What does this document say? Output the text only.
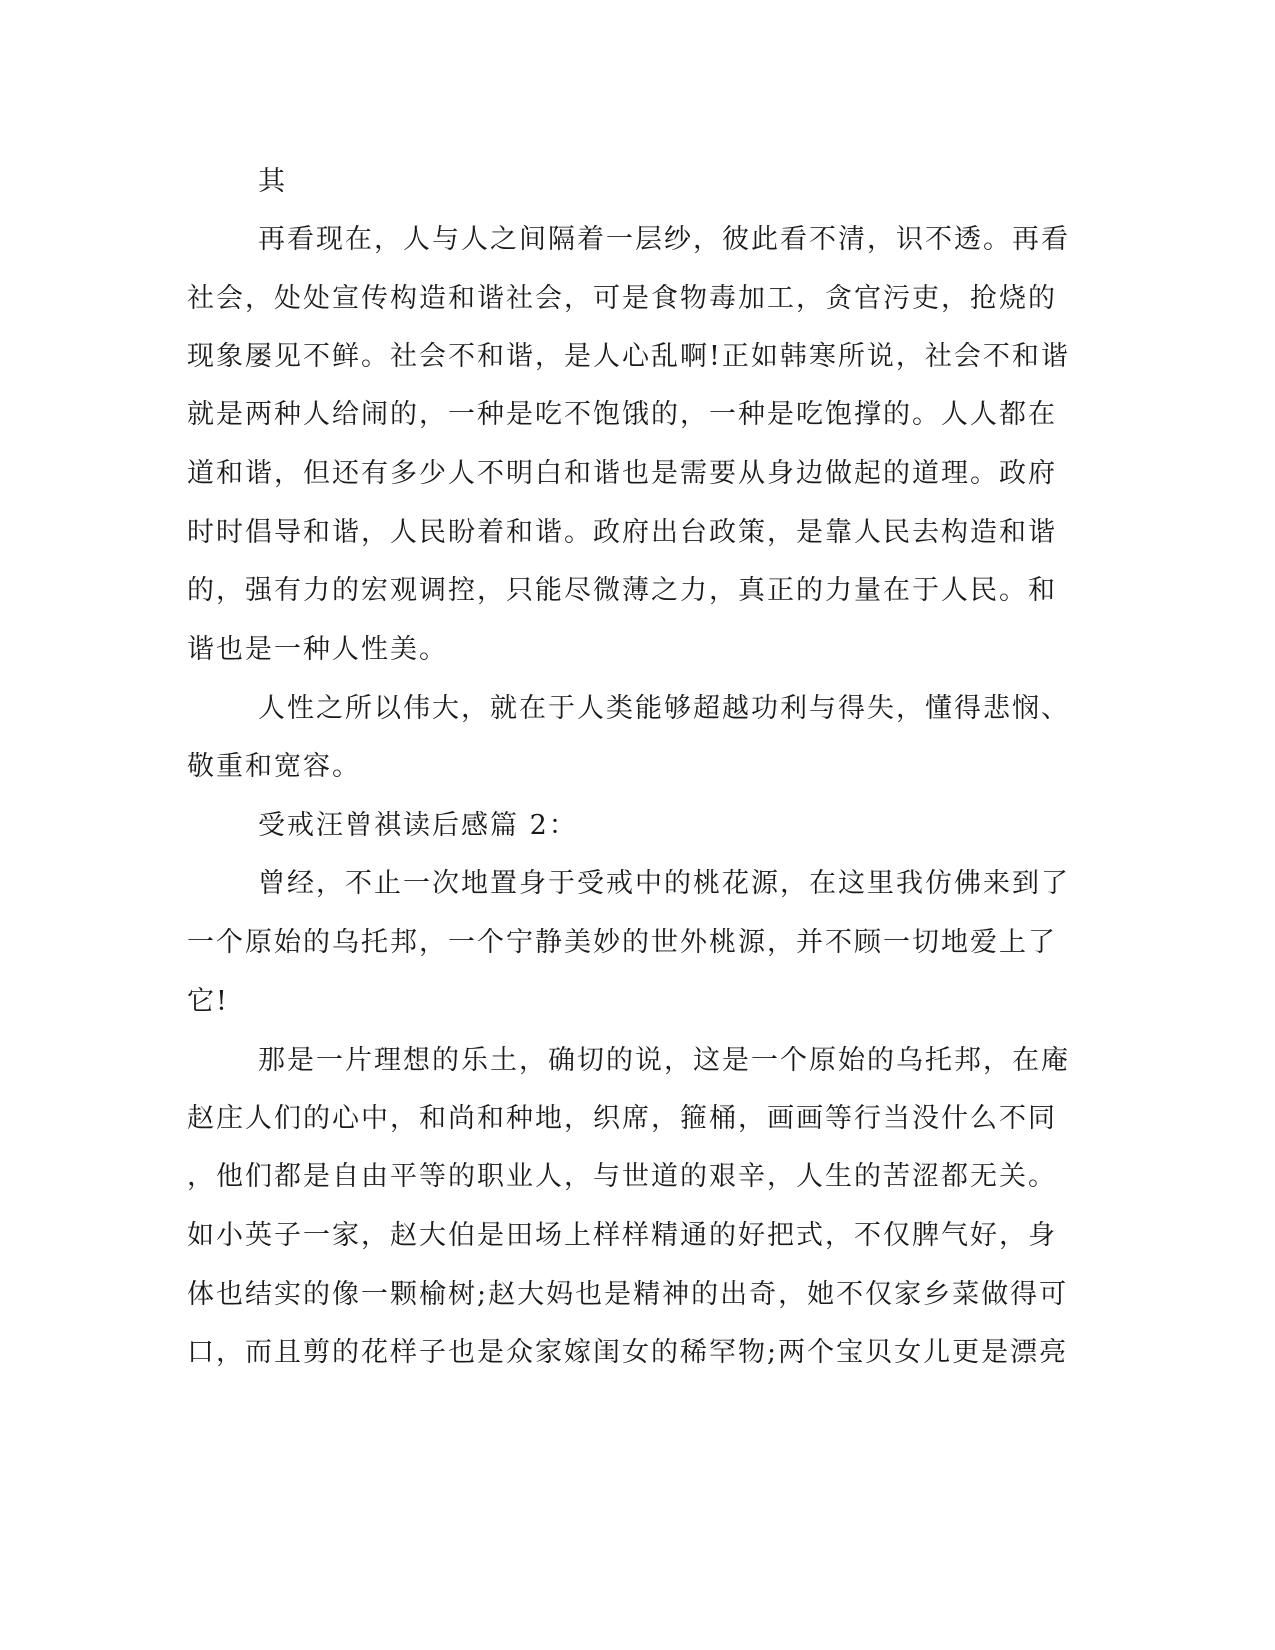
其
再看现在，人与人之间隔着一层纱，彼此看不清，识不透。再看
社会，处处宣传构造和谐社会，可是食物毒加工，贪官污吏，抢烧的
现象屡见不鲜。社会不和谐，是人心乱啊!正如韩寒所说，社会不和谐
就是两种人给闹的，一种是吃不饱饿的，一种是吃饱撑的。人人都在
道和谐，但还有多少人不明白和谐也是需要从身边做起的道理。政府
时时倡导和谐，人民盼着和谐。政府出台政策，是靠人民去构造和谐
的，强有力的宏观调控，只能尽微薄之力，真正的力量在于人民。和
谐也是一种人性美。
人性之所以伟大，就在于人类能够超越功利与得失，懂得悲悯、
敬重和宽容。
受戒汪曾祺读后感篇 2：
曾经，不止一次地置身于受戒中的桃花源，在这里我仿佛来到了
一个原始的乌托邦，一个宁静美妙的世外桃源，并不顾一切地爱上了
它!
那是一片理想的乐土，确切的说，这是一个原始的乌托邦，在庵
赵庄人们的心中，和尚和种地，织席，箍桶，画画等行当没什么不同
，他们都是自由平等的职业人，与世道的艰辛，人生的苦涩都无关。
如小英子一家，赵大伯是田场上样样精通的好把式，不仅脾气好，身
体也结实的像一颗榆树;赵大妈也是精神的出奇，她不仅家乡菜做得可
口，而且剪的花样子也是众家嫁闺女的稀罕物;两个宝贝女儿更是漂亮
